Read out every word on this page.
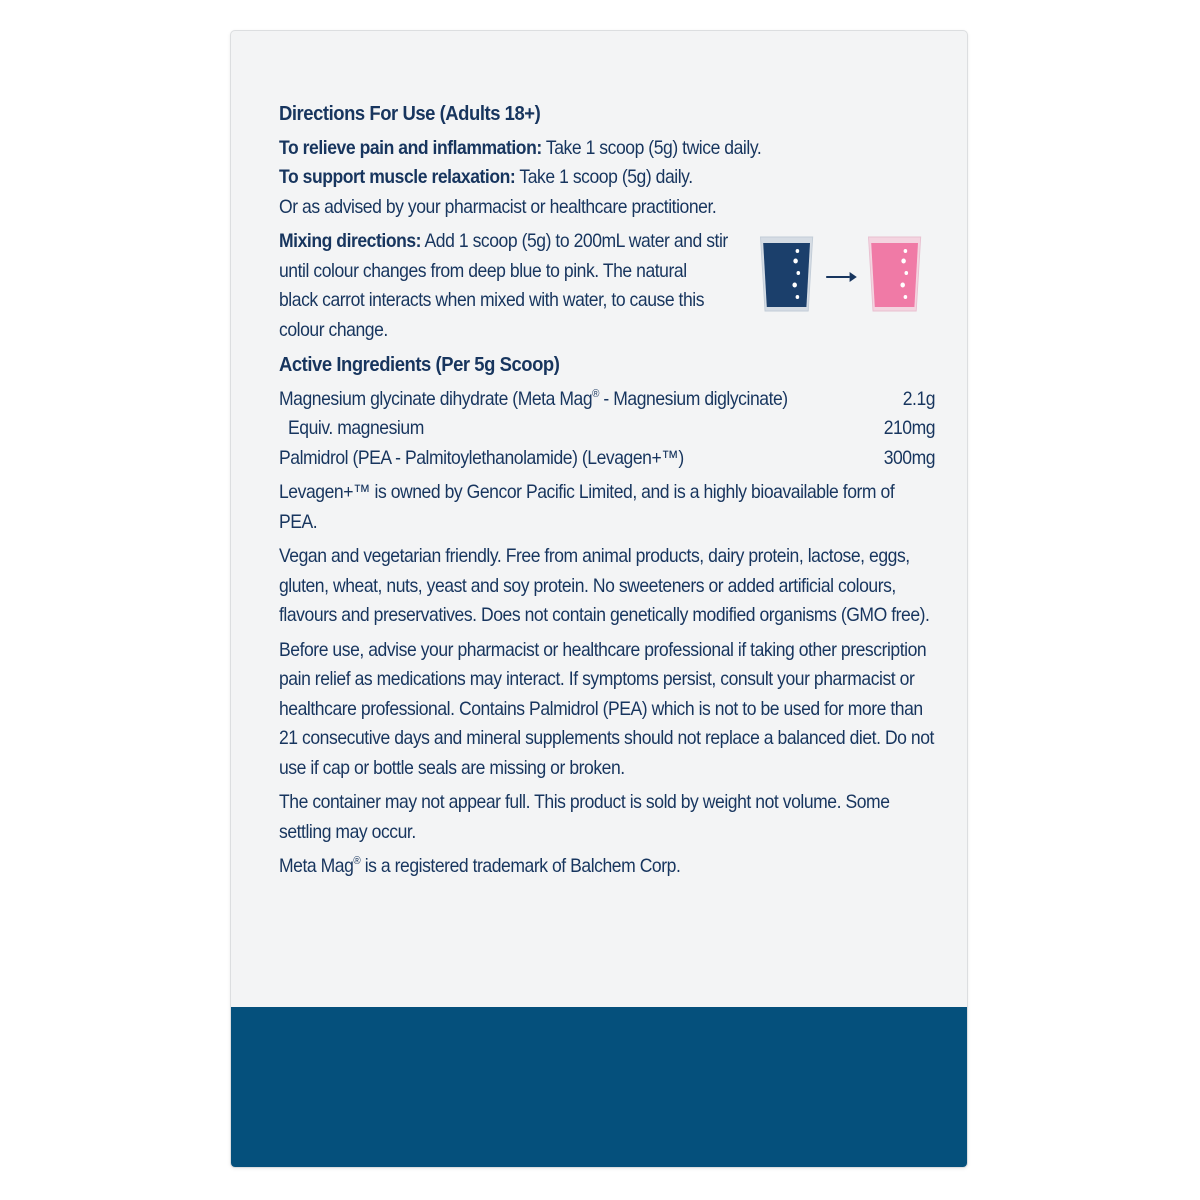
Directions For Use (Adults 18+)

To relieve pain and inflammation: Take 1 scoop (5g) twice daily.

To support muscle relaxation: Take 1 scoop (5g) daily.

Or as advised by your pharmacist or healthcare practitioner.

Mixing directions: Add 1 scoop (5g) to 200mL water and stir until colour changes from deep blue to pink. The natural black carrot interacts when mixed with water, to cause this colour change.

Active Ingredients (Per 5g Scoop)

Magnesium glycinate dihydrate (Meta Mag® - Magnesium diglycinate)	2.1g
Equiv. magnesium	210mg
Palmidrol (PEA - Palmitoylethanolamide) (Levagen+™)	300mg

Levagen+™ is owned by Gencor Pacific Limited, and is a highly bioavailable form of PEA.

Vegan and vegetarian friendly. Free from animal products, dairy protein, lactose, eggs, gluten, wheat, nuts, yeast and soy protein. No sweeteners or added artificial colours, flavours and preservatives. Does not contain genetically modified organisms (GMO free).

Before use, advise your pharmacist or healthcare professional if taking other prescription pain relief as medications may interact. If symptoms persist, consult your pharmacist or healthcare professional. Contains Palmidrol (PEA) which is not to be used for more than 21 consecutive days and mineral supplements should not replace a balanced diet. Do not use if cap or bottle seals are missing or broken.

The container may not appear full. This product is sold by weight not volume. Some settling may occur.

Meta Mag® is a registered trademark of Balchem Corp.
